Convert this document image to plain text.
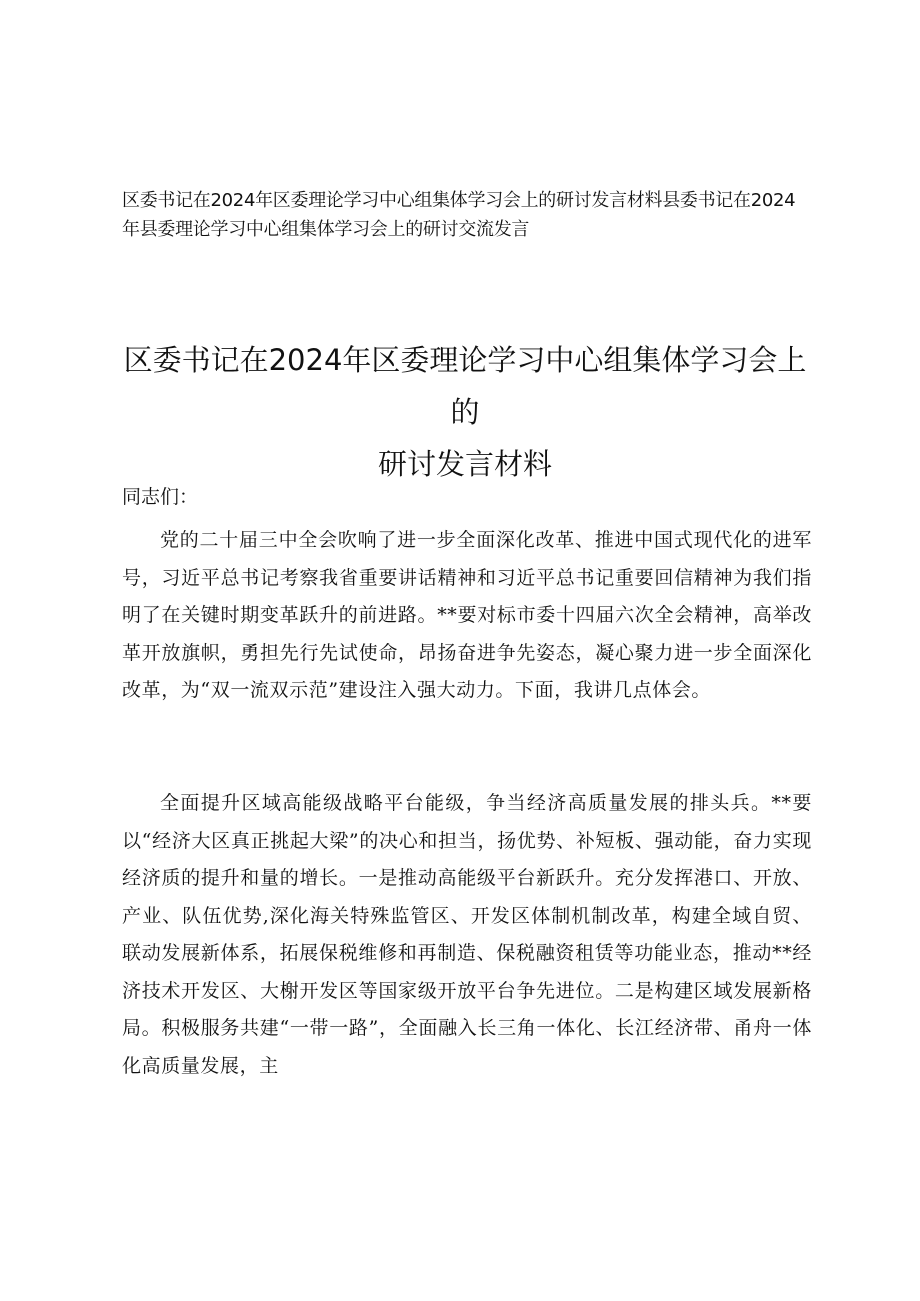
区委书记在2024年区委理论学习中心组集体学习会上的研讨发言材料县委书记在2024年县委理论学习中心组集体学习会上的研讨交流发言
区委书记在2024年区委理论学习中心组集体学习会上的
研讨发言材料
同志们：

党的二十届三中全会吹响了进一步全面深化改革、推进中国式现代化的进军号，习近平总书记考察我省重要讲话精神和习近平总书记重要回信精神为我们指明了在关键时期变革跃升的前进路。**要对标市委十四届六次全会精神，高举改革开放旗帜，勇担先行先试使命，昂扬奋进争先姿态，凝心聚力进一步全面深化改革，为“双一流双示范”建设注入强大动力。下面，我讲几点体会。

全面提升区域高能级战略平台能级，争当经济高质量发展的排头兵。**要以“经济大区真正挑起大梁”的决心和担当，扬优势、补短板、强动能，奋力实现经济质的提升和量的增长。一是推动高能级平台新跃升。充分发挥港口、开放、产业、队伍优势,深化海关特殊监管区、开发区体制机制改革，构建全域自贸、联动发展新体系，拓展保税维修和再制造、保税融资租赁等功能业态，推动**经济技术开发区、大榭开发区等国家级开放平台争先进位。二是构建区域发展新格局。积极服务共建“一带一路”，全面融入长三角一体化、长江经济带、甬舟一体化高质量发展，主
